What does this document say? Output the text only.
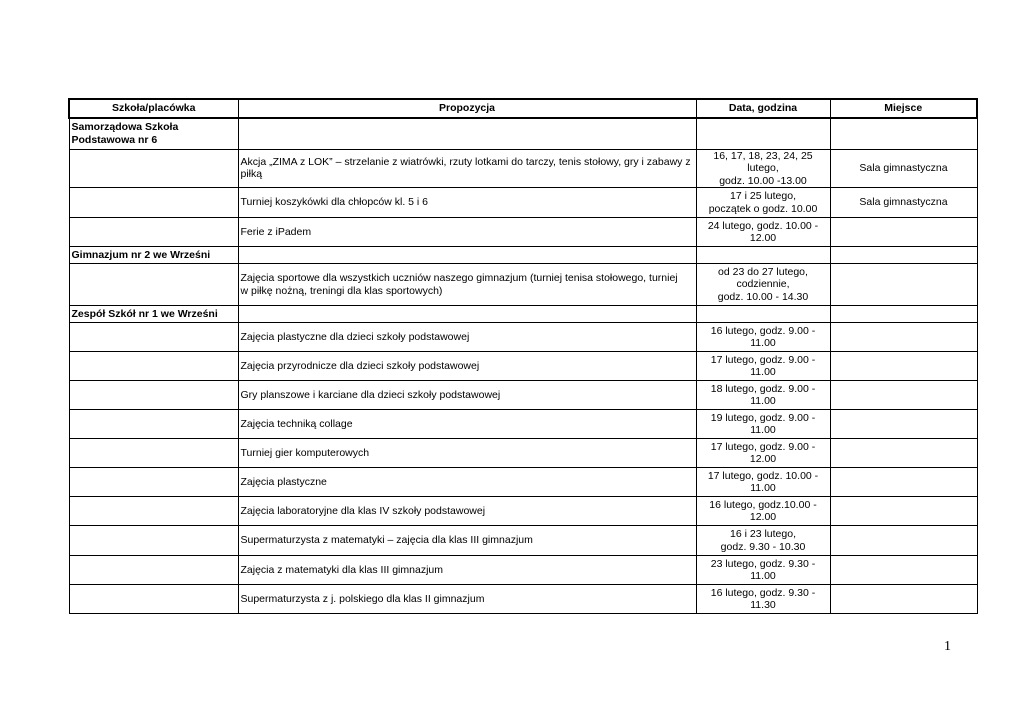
Szkoła/placówka	Propozycja	Data, godzina	Miejsce
Samorządowa Szkoła
Podstawowa nr 6			
	Akcja „ZIMA z LOK” – strzelanie z wiatrówki, rzuty lotkami do tarczy, tenis stołowy, gry i zabawy z piłką	16, 17, 18, 23, 24, 25
lutego,
godz. 10.00 -13.00	Sala gimnastyczna
	Turniej koszykówki dla chłopców kl. 5 i 6	17 i 25 lutego,
początek o godz. 10.00	Sala gimnastyczna
	Ferie z iPadem	24 lutego, godz. 10.00 -
12.00	
Gimnazjum nr 2 we Wrześni			
	Zajęcia sportowe dla wszystkich uczniów naszego gimnazjum (turniej tenisa stołowego, turniej
w piłkę nożną, treningi dla klas sportowych)	od 23 do 27 lutego,
codziennie,
godz. 10.00 - 14.30	
Zespół Szkół nr 1 we Wrześni			
	Zajęcia plastyczne dla dzieci szkoły podstawowej	16 lutego, godz. 9.00 -
11.00	
	Zajęcia przyrodnicze dla dzieci szkoły podstawowej	17 lutego, godz. 9.00 -
11.00	
	Gry planszowe i karciane dla dzieci szkoły podstawowej	18 lutego, godz. 9.00 -
11.00	
	Zajęcia techniką collage	19 lutego, godz. 9.00 -
11.00	
	Turniej gier komputerowych	17 lutego, godz. 9.00 -
12.00	
	Zajęcia plastyczne	17 lutego, godz. 10.00 -
11.00	
	Zajęcia laboratoryjne dla klas IV szkoły podstawowej	16 lutego, godz.10.00 -
12.00	
	Supermaturzysta z matematyki – zajęcia dla klas III gimnazjum	16 i 23 lutego,
godz. 9.30 - 10.30	
	Zajęcia z matematyki dla klas III gimnazjum	23 lutego, godz. 9.30 -
11.00	
	Supermaturzysta z j. polskiego dla klas II gimnazjum	16 lutego, godz. 9.30 -
11.30	
1
